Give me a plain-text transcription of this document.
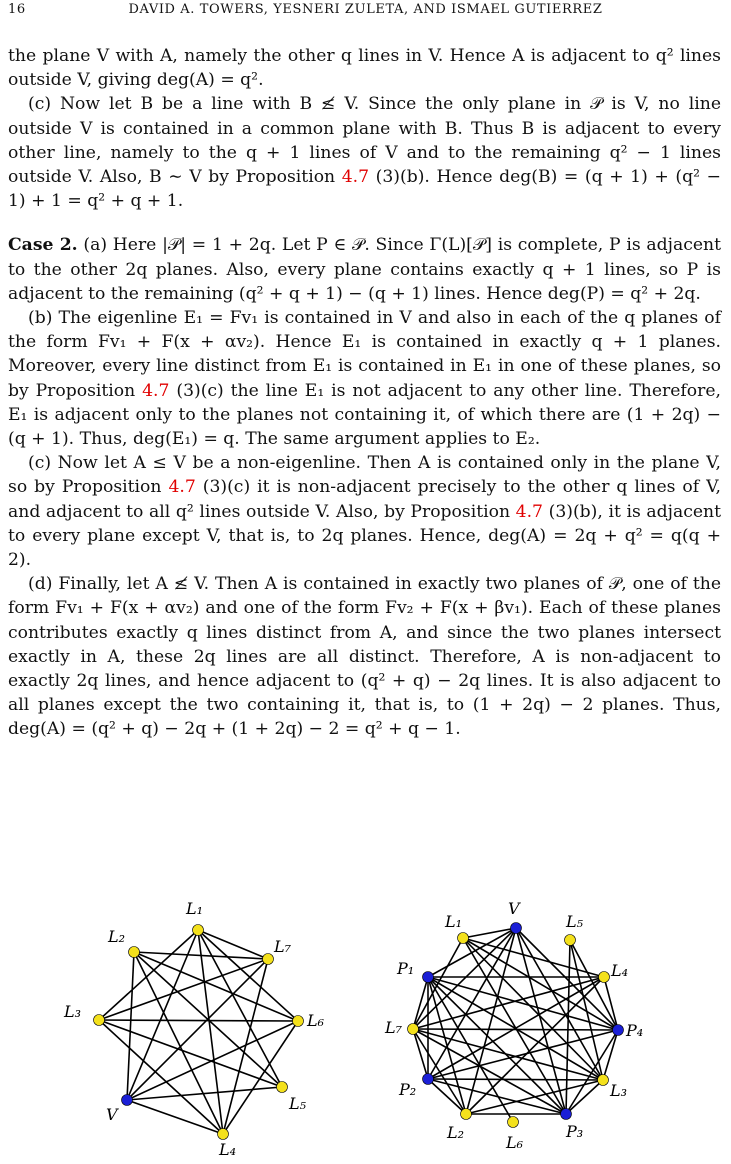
16	DAVID A. TOWERS, YESNERI ZULETA, AND ISMAEL GUTIERREZ

the plane V with A, namely the other q lines in V. Hence A is adjacent to q² lines outside V, giving deg(A) = q².

(c) Now let B be a line with B ≰ V. Since the only plane in 𝒫 is V, no line outside V is contained in a common plane with B. Thus B is adjacent to every other line, namely to the q + 1 lines of V and to the remaining q² − 1 lines outside V. Also, B ∼ V by Proposition 4.7 (3)(b). Hence deg(B) = (q + 1) + (q² − 1) + 1 = q² + q + 1.

Case 2. (a) Here |𝒫| = 1 + 2q. Let P ∈ 𝒫. Since Γ(L)[𝒫] is complete, P is adjacent to the other 2q planes. Also, every plane contains exactly q + 1 lines, so P is adjacent to the remaining (q² + q + 1) − (q + 1) lines. Hence deg(P) = q² + 2q.

(b) The eigenline E₁ = Fv₁ is contained in V and also in each of the q planes of the form Fv₁ + F(x + αv₂). Hence E₁ is contained in exactly q + 1 planes. Moreover, every line distinct from E₁ is contained in E₁ in one of these planes, so by Proposition 4.7 (3)(c) the line E₁ is not adjacent to any other line. Therefore, E₁ is adjacent only to the planes not containing it, of which there are (1 + 2q) − (q + 1). Thus, deg(E₁) = q. The same argument applies to E₂.

(c) Now let A ≤ V be a non-eigenline. Then A is contained only in the plane V, so by Proposition 4.7 (3)(c) it is non-adjacent precisely to the other q lines of V, and adjacent to all q² lines outside V. Also, by Proposition 4.7 (3)(b), it is adjacent to every plane except V, that is, to 2q planes. Hence, deg(A) = 2q + q² = q(q + 2).

(d) Finally, let A ≰ V. Then A is contained in exactly two planes of 𝒫, one of the form Fv₁ + F(x + αv₂) and one of the form Fv₂ + F(x + βv₁). Each of these planes contributes exactly q lines distinct from A, and since the two planes intersect exactly in A, these 2q lines are all distinct. Therefore, A is non-adjacent to exactly 2q lines, and hence adjacent to (q² + q) − 2q lines. It is also adjacent to all planes except the two containing it, that is, to (1 + 2q) − 2 planes. Thus, deg(A) = (q² + q) − 2q + (1 + 2q) − 2 = q² + q − 1.

L₁
L₂
L₇
L₃	L₆
L₅
V
L₄
V
L₁	L₅
P₁	L₄
L₇	P₄
P₂	L₃
L₂
L₆
P₃
